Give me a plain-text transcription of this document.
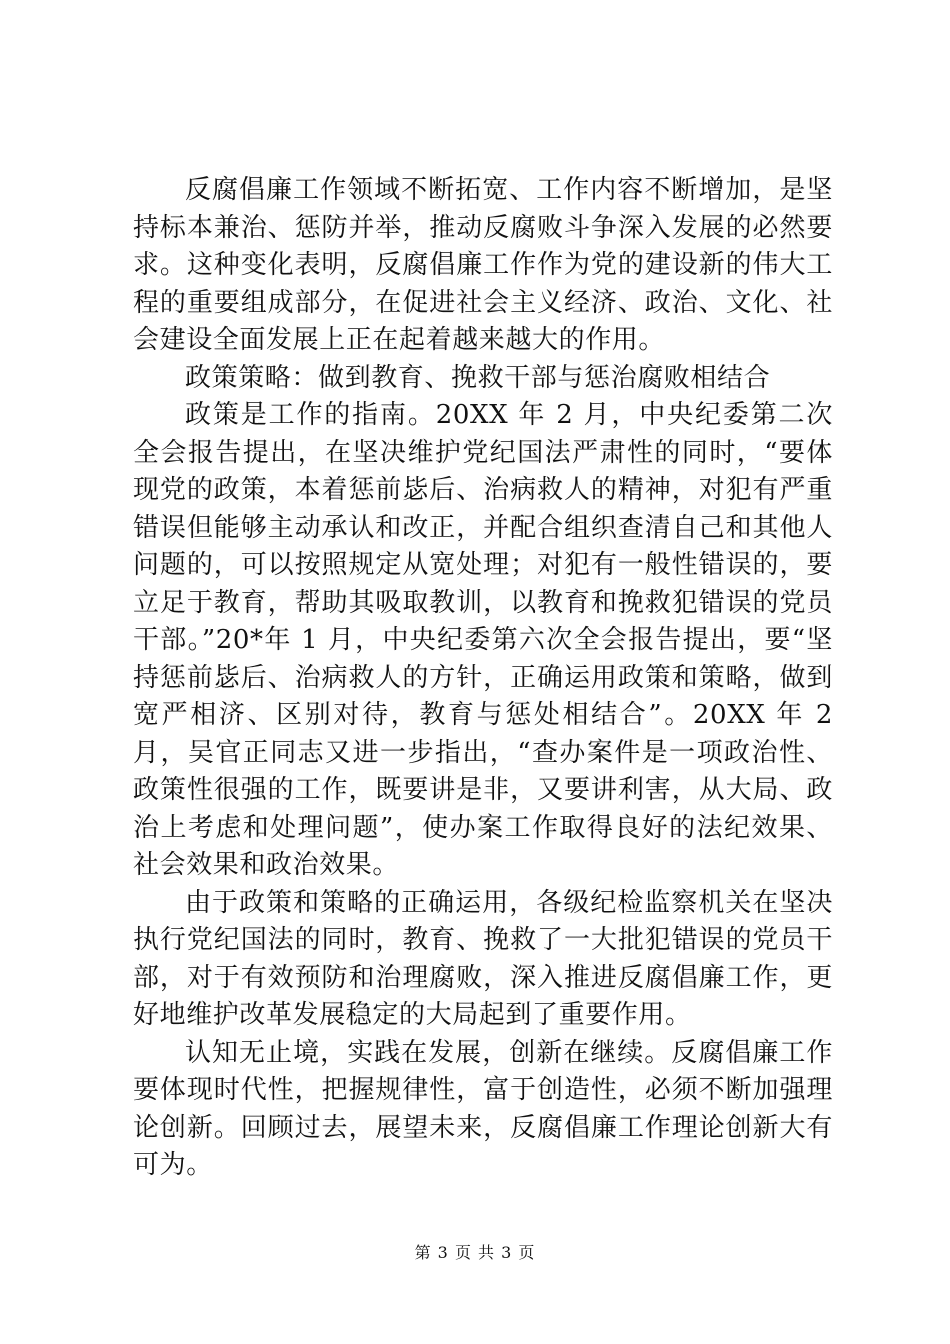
反腐倡廉工作领域不断拓宽、工作内容不断增加，是坚持标本兼治、惩防并举，推动反腐败斗争深入发展的必然要求。这种变化表明，反腐倡廉工作作为党的建设新的伟大工程的重要组成部分，在促进社会主义经济、政治、文化、社会建设全面发展上正在起着越来越大的作用。

政策策略：做到教育、挽救干部与惩治腐败相结合

政策是工作的指南。20XX 年 2 月，中央纪委第二次全会报告提出，在坚决维护党纪国法严肃性的同时，“要体现党的政策，本着惩前毖后、治病救人的精神，对犯有严重错误但能够主动承认和改正，并配合组织查清自己和其他人问题的，可以按照规定从宽处理；对犯有一般性错误的，要立足于教育，帮助其吸取教训，以教育和挽救犯错误的党员干部。”20*年 1 月，中央纪委第六次全会报告提出，要“坚持惩前毖后、治病救人的方针，正确运用政策和策略，做到宽严相济、区别对待，教育与惩处相结合”。20XX 年 2 月，吴官正同志又进一步指出，“查办案件是一项政治性、政策性很强的工作，既要讲是非，又要讲利害，从大局、政治上考虑和处理问题”，使办案工作取得良好的法纪效果、社会效果和政治效果。

由于政策和策略的正确运用，各级纪检监察机关在坚决执行党纪国法的同时，教育、挽救了一大批犯错误的党员干部，对于有效预防和治理腐败，深入推进反腐倡廉工作，更好地维护改革发展稳定的大局起到了重要作用。

认知无止境，实践在发展，创新在继续。反腐倡廉工作要体现时代性，把握规律性，富于创造性，必须不断加强理论创新。回顾过去，展望未来，反腐倡廉工作理论创新大有可为。

第 3 页 共 3 页
